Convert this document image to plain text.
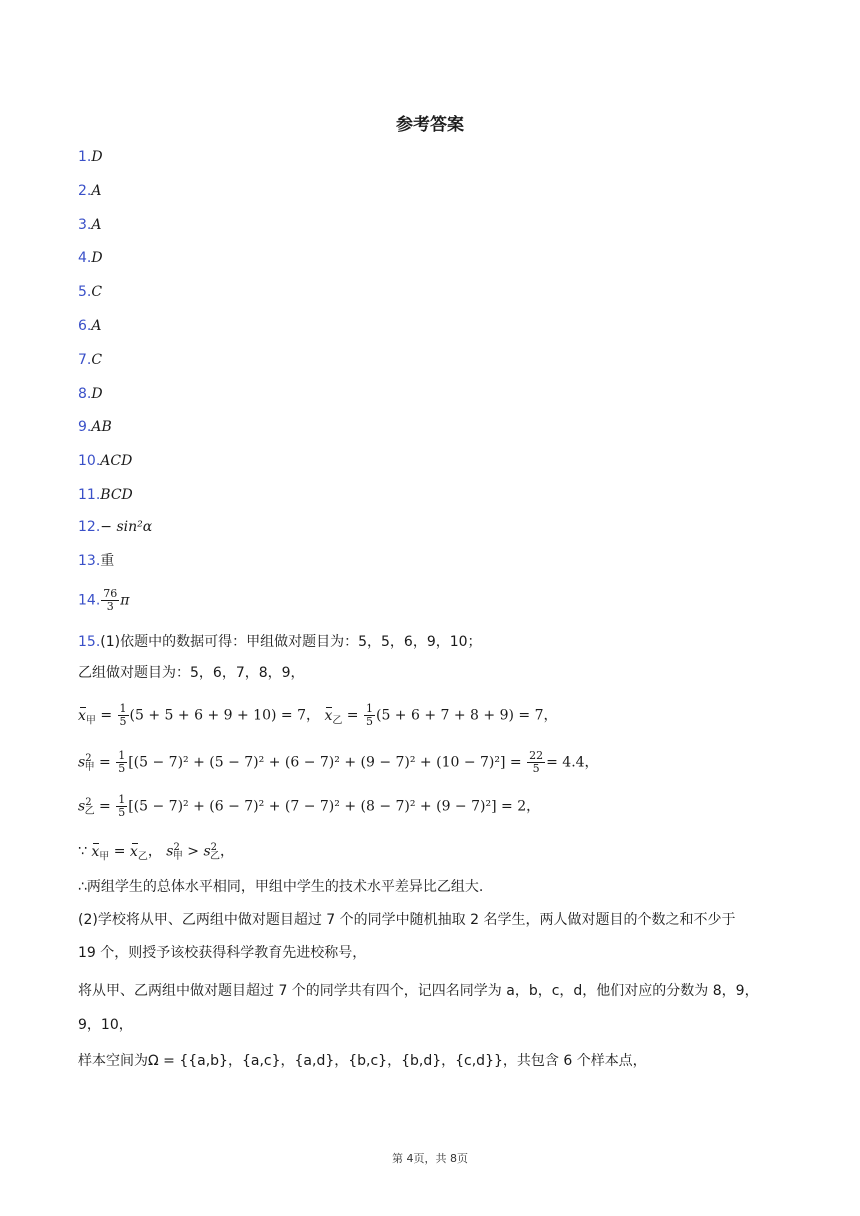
参考答案
1.D
2.A
3.A
4.D
5.C
6.A
7.C
8.D
9.AB
10.ACD
11.BCD
12.− sin²α
13.重
14. $\frac{76}{3}$ π
15.(1)依题中的数据可得：甲组做对题目为：5，5，6，9，10；
乙组做对题目为：5，6，7，8，9，
$x_甲 = \frac{1}{5} (5 + 5 + 6 + 9 + 10) = 7$， $x_乙 = \frac{1}{5} (5 + 6 + 7 + 8 + 9) = 7$，
$s^2_甲 = \frac{1}{5} [(5 - 7)^2 + (5 - 7)^2 + (6 - 7)^2 + (9 - 7)^2 + (10 - 7)^2] = \frac{22}{5} = 4.4$，
$s^2_乙 = \frac{1}{5} [(5 - 7)^2 + (6 - 7)^2 + (7 - 7)^2 + (8 - 7)^2 + (9 - 7)^2] = 2$，
∵ $x_甲 = x_乙$， $s^2_甲 > s^2_乙$，
∴两组学生的总体水平相同，甲组中学生的技术水平差异比乙组大.
(2)学校将从甲、乙两组中做对题目超过 7 个的同学中随机抽取 2 名学生，两人做对题目的个数之和不少于
19 个，则授予该校获得科学教育先进校称号，
将从甲、乙两组中做对题目超过 7 个的同学共有四个，记四名同学为 a，b，c，d，他们对应的分数为 8，9，
9，10，
样本空间为Ω = {{a,b}，{a,c}，{a,d}，{b,c}，{b,d}，{c,d}}，共包含 6 个样本点，
第 4页，共 8页
